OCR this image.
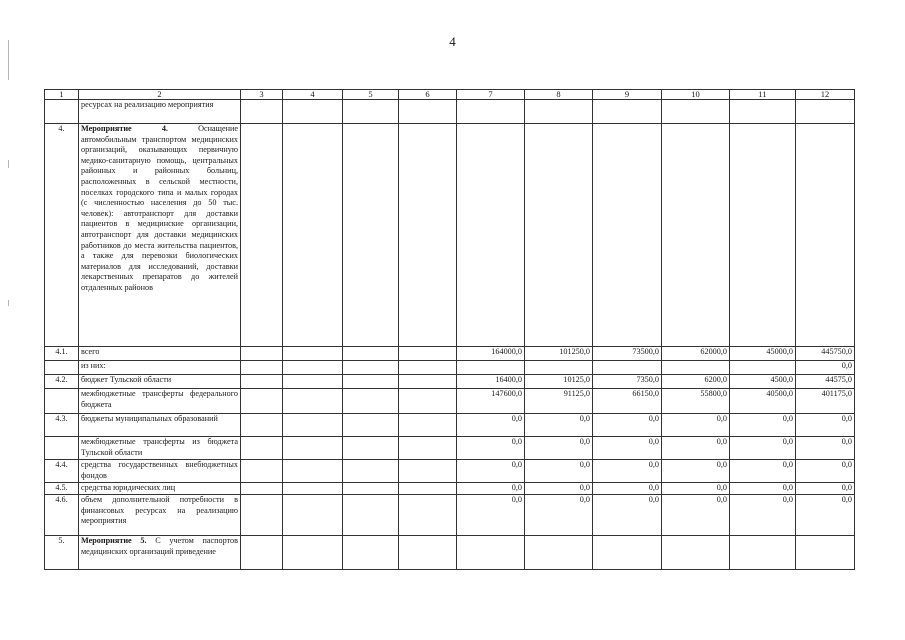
4
1	2	3	4	5	6	7	8	9	10	11	12
	ресурсах на реализацию мероприятия										
4.	Мероприятие 4. Оснащение автомобильным транспортом медицинских организаций, оказывающих первичную медико-санитарную помощь, центральных районных и районных больниц, расположенных в сельской местности, поселках городского типа и малых городах (с численностью населения до 50 тыс. человек): автотранспорт для доставки пациентов в медицинские организации, автотранспорт для доставки медицинских работников до места жительства пациентов, а также для перевозки биологических материалов для исследований, доставки лекарственных препаратов до жителей отдаленных районов										
4.1.	всего					164000,0	101250,0	73500,0	62000,0	45000,0	445750,0
	из них:										0,0
4.2.	бюджет Тульской области					16400,0	10125,0	7350,0	6200,0	4500,0	44575,0
	межбюджетные трансферты федерального бюджета					147600,0	91125,0	66150,0	55800,0	40500,0	401175,0
4.3.	бюджеты муниципальных образований					0,0	0,0	0,0	0,0	0,0	0,0
	межбюджетные трансферты из бюджета Тульской области					0,0	0,0	0,0	0,0	0,0	0,0
4.4.	средства государственных внебюджетных фондов					0,0	0,0	0,0	0,0	0,0	0,0
4.5.	средства юридических лиц					0,0	0,0	0,0	0,0	0,0	0,0
4.6.	объем дополнительной потребности в финансовых ресурсах на реализацию мероприятия					0,0	0,0	0,0	0,0	0,0	0,0
5.	Мероприятие 5. С учетом паспортов медицинских организаций приведение										
